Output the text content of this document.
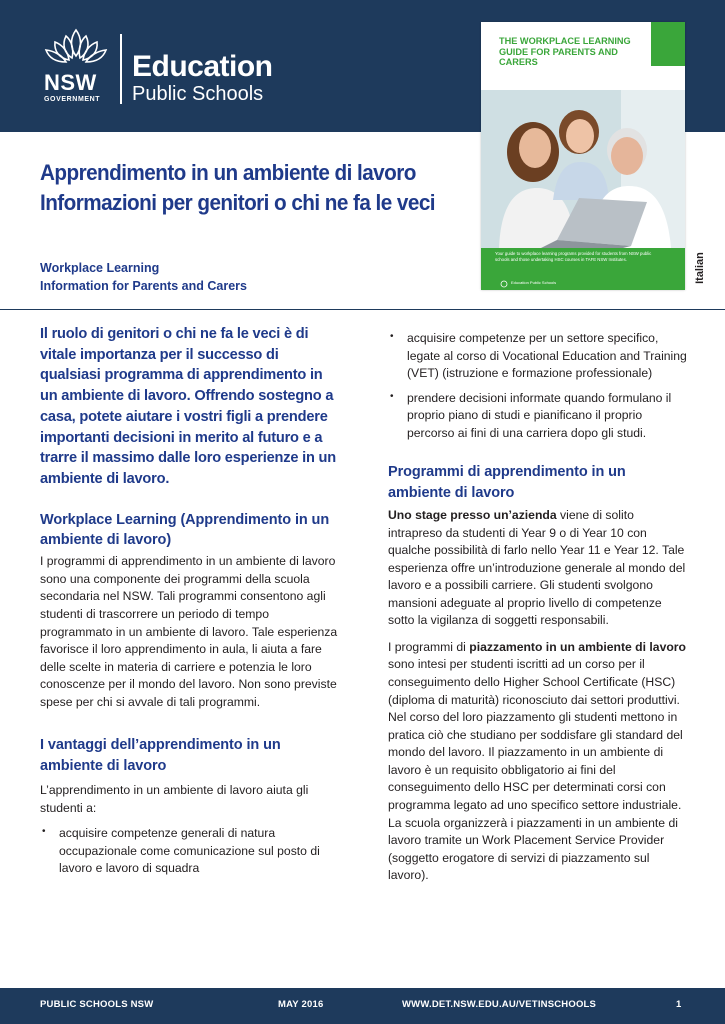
NSW
GOVERNMENT
Education
Public Schools
THE WORKPLACE LEARNING GUIDE FOR PARENTS AND CARERS
Your guide to workplace learning programs provided for students from NSW public schools and those undertaking HSC courses in TAFE NSW Institutes.
Education Public Schools	Italian
Apprendimento in un ambiente di lavoro
Informazioni per genitori o chi ne fa le veci
Workplace Learning
Information for Parents and Carers

Il ruolo di genitori o chi ne fa le veci è di vitale importanza per il successo di qualsiasi programma di apprendimento in un ambiente di lavoro. Offrendo sostegno a casa, potete aiutare i vostri figli a prendere importanti decisioni in merito al futuro e a trarre il massimo dalle loro esperienze in un ambiente di lavoro.

Workplace Learning (Apprendimento in un ambiente di lavoro)

I programmi di apprendimento in un ambiente di lavoro sono una componente dei programmi della scuola secondaria nel NSW. Tali programmi consentono agli studenti di trascorrere un periodo di tempo programmato in un ambiente di lavoro. Tale esperienza favorisce il loro apprendimento in aula, li aiuta a fare delle scelte in materia di carriere e potenzia le loro conoscenze per il mondo del lavoro. Non sono previste spese per chi si avvale di tali programmi.

I vantaggi dell’apprendimento in un ambiente di lavoro

L’apprendimento in un ambiente di lavoro aiuta gli studenti a:

• acquisire competenze generali di natura occupazionale come comunicazione sul posto di lavoro e lavoro di squadra
• acquisire competenze per un settore specifico, legate al corso di Vocational Education and Training (VET) (istruzione e formazione professionale)
• prendere decisioni informate quando formulano il proprio piano di studi e pianificano il proprio percorso ai fini di una carriera dopo gli studi.
Programmi di apprendimento in un ambiente di lavoro

Uno stage presso un’azienda viene di solito intrapreso da studenti di Year 9 o di Year 10 con qualche possibilità di farlo nello Year 11 e Year 12. Tale esperienza offre un’introduzione generale al mondo del lavoro e a possibili carriere. Gli studenti svolgono mansioni adeguate al proprio livello di competenze sotto la vigilanza di soggetti responsabili.

I programmi di piazzamento in un ambiente di lavoro sono intesi per studenti iscritti ad un corso per il conseguimento dello Higher School Certificate (HSC) (diploma di maturità) riconosciuto dai settori produttivi. Nel corso del loro piazzamento gli studenti mettono in pratica ciò che studiano per soddisfare gli standard del mondo del lavoro. Il piazzamento in un ambiente di lavoro è un requisito obbligatorio ai fini del conseguimento dello HSC per determinati corsi con programma legato ad uno specifico settore industriale. La scuola organizzerà i piazzamenti in un ambiente di lavoro tramite un Work Placement Service Provider (soggetto erogatore di servizi di piazzamento sul lavoro).

PUBLIC SCHOOLS NSW	MAY 2016	WWW.DET.NSW.EDU.AU/VETINSCHOOLS	1
